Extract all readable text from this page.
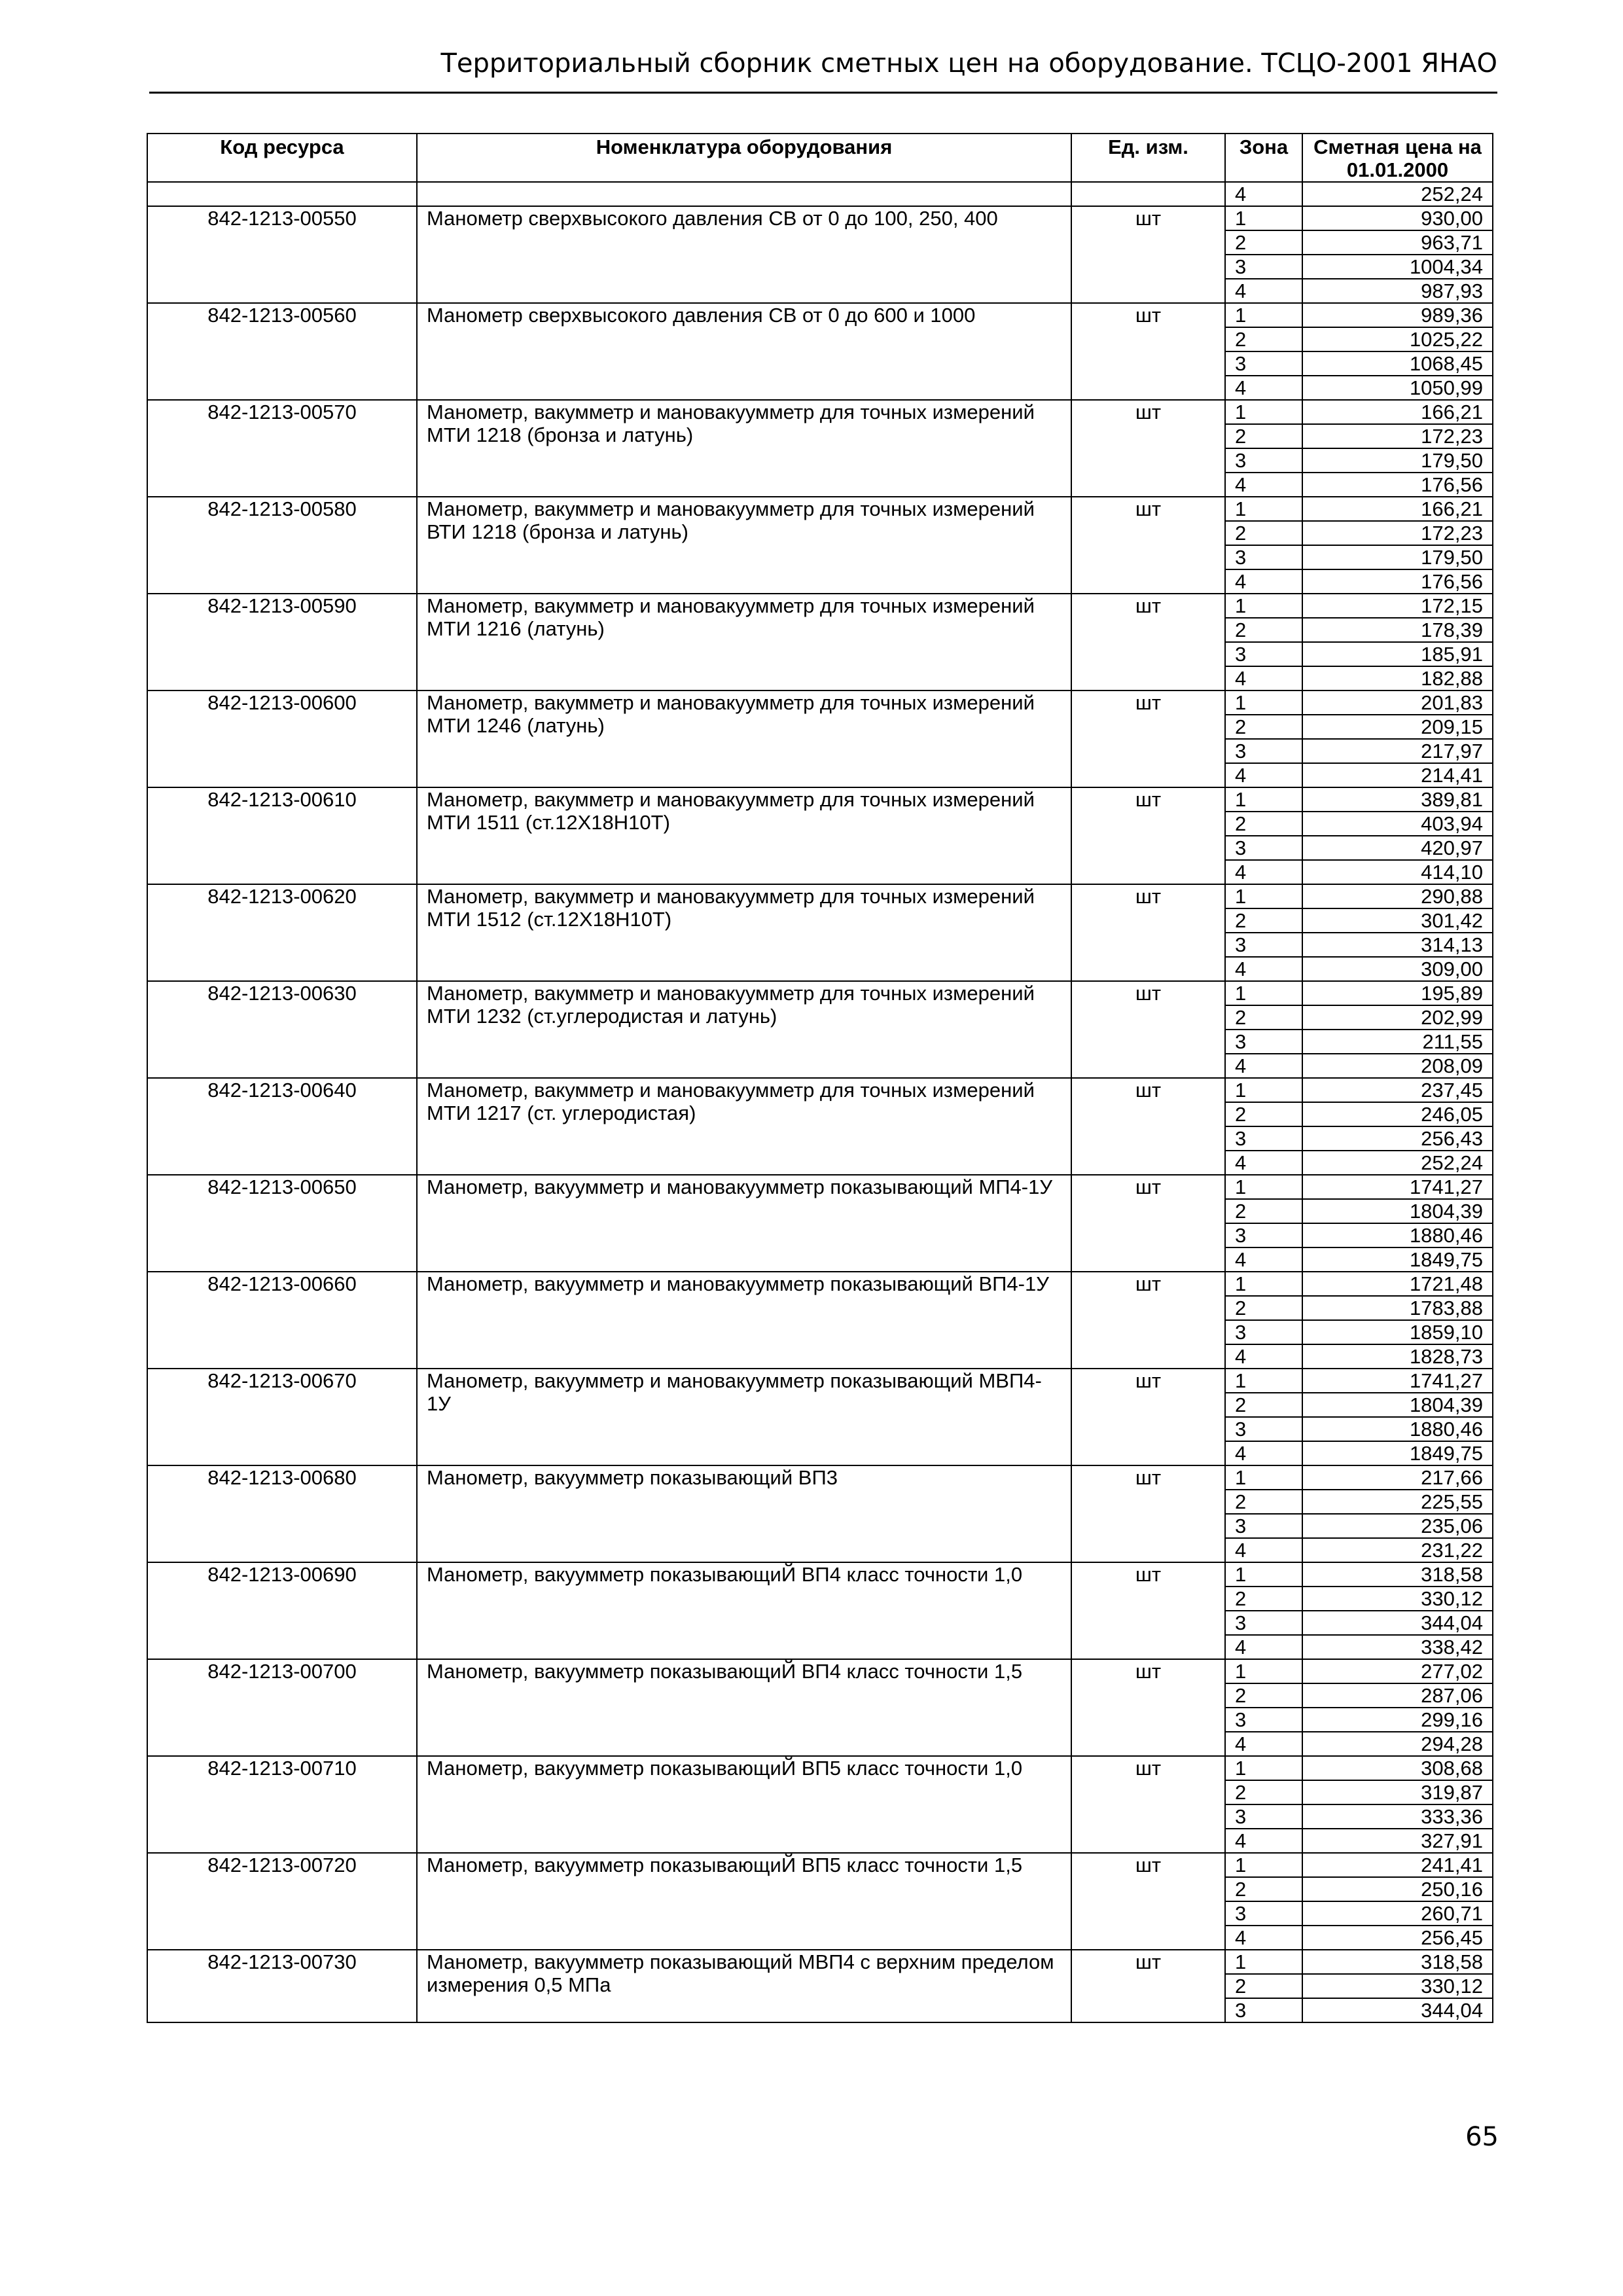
Территориальный сборник сметных цен на оборудование. ТСЦО-2001 ЯНАО
Код ресурса	Номенклатура оборудования	Ед. изм.	Зона	Сметная цена на 01.01.2000
			4	252,24
842-1213-00550	Манометр сверхвысокого давления СВ от 0 до 100, 250, 400	шт	1	930,00
			2	963,71
			3	1004,34
			4	987,93
842-1213-00560	Манометр сверхвысокого давления СВ от 0 до 600 и 1000	шт	1	989,36
			2	1025,22
			3	1068,45
			4	1050,99
842-1213-00570	Манометр, вакумметр и мановакуумметр для точных измерений МТИ 1218 (бронза и латунь)	шт	1	166,21
			2	172,23
			3	179,50
			4	176,56
842-1213-00580	Манометр, вакумметр и мановакуумметр для точных измерений ВТИ 1218 (бронза и латунь)	шт	1	166,21
			2	172,23
			3	179,50
			4	176,56
842-1213-00590	Манометр, вакумметр и мановакуумметр для точных измерений МТИ 1216 (латунь)	шт	1	172,15
			2	178,39
			3	185,91
			4	182,88
842-1213-00600	Манометр, вакумметр и мановакуумметр для точных измерений МТИ 1246 (латунь)	шт	1	201,83
			2	209,15
			3	217,97
			4	214,41
842-1213-00610	Манометр, вакумметр и мановакуумметр для точных измерений МТИ 1511 (ст.12Х18Н10Т)	шт	1	389,81
			2	403,94
			3	420,97
			4	414,10
842-1213-00620	Манометр, вакумметр и мановакуумметр для точных измерений МТИ 1512 (ст.12Х18Н10Т)	шт	1	290,88
			2	301,42
			3	314,13
			4	309,00
842-1213-00630	Манометр, вакумметр и мановакуумметр для точных измерений МТИ 1232 (ст.углеродистая и латунь)	шт	1	195,89
			2	202,99
			3	211,55
			4	208,09
842-1213-00640	Манометр, вакумметр и мановакуумметр для точных измерений МТИ 1217 (ст. углеродистая)	шт	1	237,45
			2	246,05
			3	256,43
			4	252,24
842-1213-00650	Манометр, вакуумметр и мановакуумметр показывающий МП4-1У	шт	1	1741,27
			2	1804,39
			3	1880,46
			4	1849,75
842-1213-00660	Манометр, вакуумметр и мановакуумметр показывающий ВП4-1У	шт	1	1721,48
			2	1783,88
			3	1859,10
			4	1828,73
842-1213-00670	Манометр, вакуумметр и мановакуумметр показывающий МВП4-1У	шт	1	1741,27
			2	1804,39
			3	1880,46
			4	1849,75
842-1213-00680	Манометр, вакуумметр показывающий ВП3	шт	1	217,66
			2	225,55
			3	235,06
			4	231,22
842-1213-00690	Манометр, вакуумметр показывающиЙ ВП4 класс точности 1,0	шт	1	318,58
			2	330,12
			3	344,04
			4	338,42
842-1213-00700	Манометр, вакуумметр показывающиЙ ВП4 класс точности 1,5	шт	1	277,02
			2	287,06
			3	299,16
			4	294,28
842-1213-00710	Манометр, вакуумметр показывающиЙ ВП5 класс точности 1,0	шт	1	308,68
			2	319,87
			3	333,36
			4	327,91
842-1213-00720	Манометр, вакуумметр показывающиЙ ВП5 класс точности 1,5	шт	1	241,41
			2	250,16
			3	260,71
			4	256,45
842-1213-00730	Манометр, вакуумметр показывающий МВП4 с верхним пределом измерения 0,5 МПа	шт	1	318,58
			2	330,12
			3	344,04
65
